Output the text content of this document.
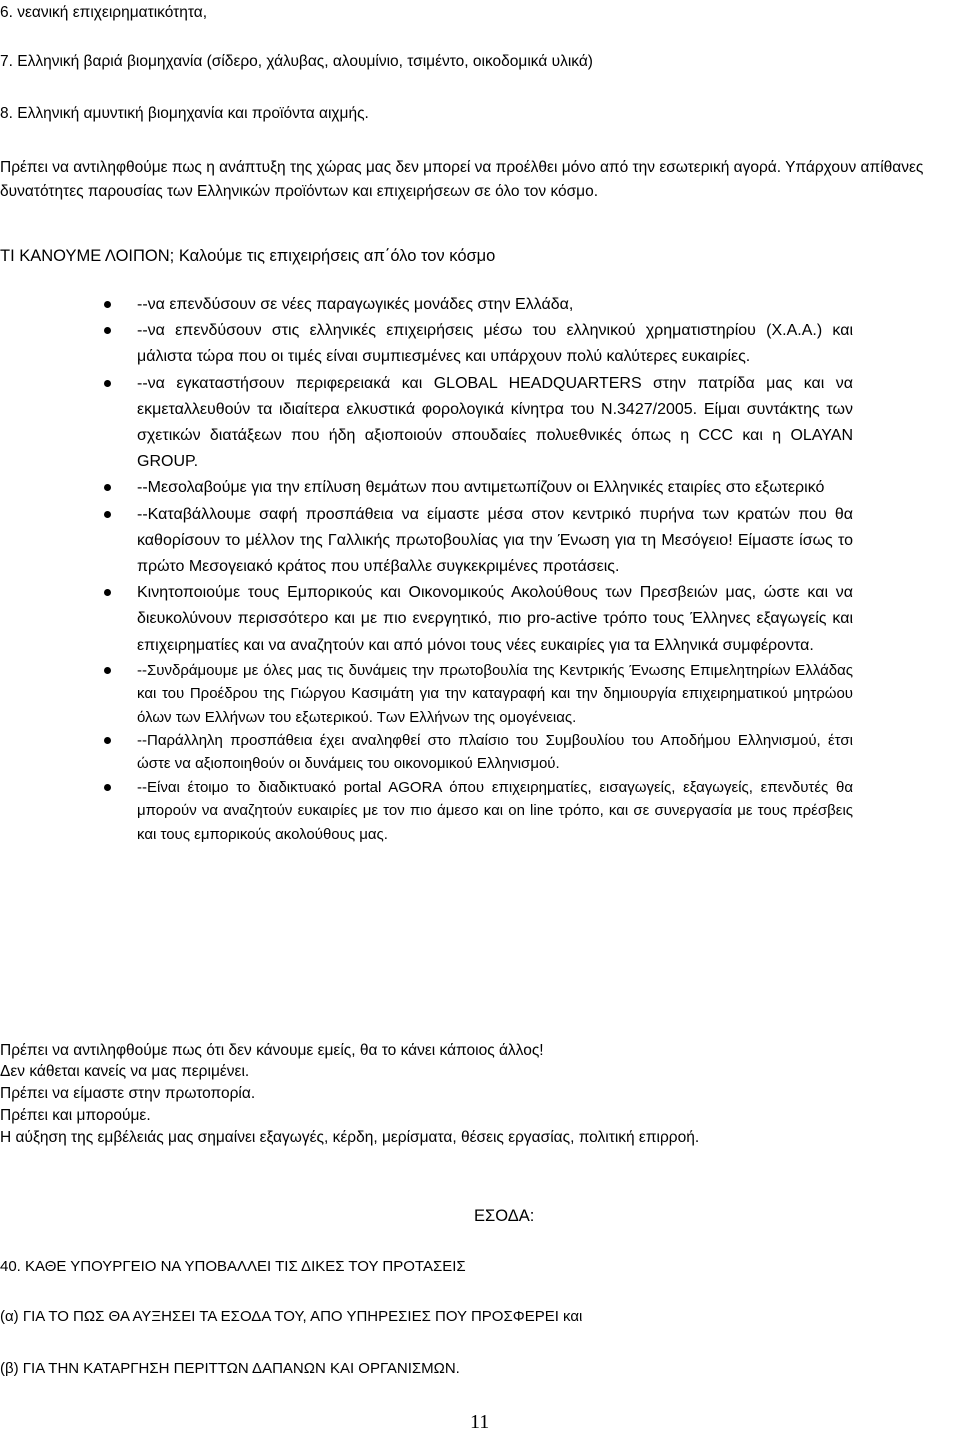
6. νεανική επιχειρηματικότητα,
7. Ελληνική βαριά βιομηχανία (σίδερο, χάλυβας, αλουμίνιο, τσιμέντο, οικοδομικά υλικά)
8. Ελληνική αμυντική βιομηχανία και προϊόντα αιχμής.
Πρέπει να αντιληφθούμε πως η ανάπτυξη της χώρας μας δεν μπορεί να προέλθει μόνο από την εσωτερική αγορά. Υπάρχουν απίθανες δυνατότητες παρουσίας των Ελληνικών προϊόντων και επιχειρήσεων σε όλο τον κόσμο.
ΤΙ ΚΑΝΟΥΜΕ ΛΟΙΠΟΝ; Καλούμε τις επιχειρήσεις απ΄όλο τον κόσμο
--να επενδύσουν σε νέες παραγωγικές μονάδες στην Ελλάδα,
--να επενδύσουν στις ελληνικές επιχειρήσεις μέσω του ελληνικού χρηματιστηρίου (Χ.Α.Α.) και μάλιστα τώρα που οι τιμές είναι συμπιεσμένες και υπάρχουν πολύ καλύτερες ευκαιρίες.
--να εγκαταστήσουν περιφερειακά και GLOBAL HEADQUARTERS στην πατρίδα μας και να εκμεταλλευθούν τα ιδιαίτερα ελκυστικά φορολογικά κίνητρα του Ν.3427/2005. Είμαι συντάκτης των σχετικών διατάξεων που ήδη αξιοποιούν σπουδαίες πολυεθνικές όπως η CCC και η OLAYAN GROUP.
--Μεσολαβούμε για την επίλυση θεμάτων που αντιμετωπίζουν οι Ελληνικές εταιρίες στο εξωτερικό
--Καταβάλλουμε σαφή προσπάθεια να είμαστε μέσα στον κεντρικό πυρήνα των κρατών που θα καθορίσουν το μέλλον της Γαλλικής πρωτοβουλίας για την Ένωση για τη Μεσόγειο! Είμαστε ίσως το πρώτο Μεσογειακό κράτος που υπέβαλλε συγκεκριμένες προτάσεις.
Κινητοποιούμε τους Εμπορικούς και Οικονομικούς Ακολούθους των Πρεσβειών μας, ώστε και να διευκολύνουν περισσότερο και με πιο ενεργητικό, πιο pro-active τρόπο τους Έλληνες εξαγωγείς και επιχειρηματίες και να αναζητούν και από μόνοι τους νέες ευκαιρίες για τα Ελληνικά συμφέροντα.
--Συνδράμουμε με όλες μας τις δυνάμεις την πρωτοβουλία της Κεντρικής Ένωσης Επιμελητηρίων Ελλάδας και του Προέδρου της Γιώργου Κασιμάτη για την καταγραφή και την δημιουργία επιχειρηματικού μητρώου όλων των Ελλήνων του εξωτερικού. Των Ελλήνων της ομογένειας.
--Παράλληλη προσπάθεια έχει αναληφθεί στο πλαίσιο του Συμβουλίου του Αποδήμου Ελληνισμού, έτσι ώστε να αξιοποιηθούν οι δυνάμεις του οικονομικού Ελληνισμού.
--Είναι έτοιμο το διαδικτυακό portal AGORA όπου επιχειρηματίες, εισαγωγείς, εξαγωγείς, επενδυτές θα μπορούν να αναζητούν ευκαιρίες με τον πιο άμεσο και on line τρόπο, και σε συνεργασία με τους πρέσβεις και τους εμπορικούς ακολούθους μας.
Πρέπει να αντιληφθούμε πως ότι δεν κάνουμε εμείς, θα το κάνει κάποιος άλλος!
Δεν κάθεται κανείς να μας περιμένει.
Πρέπει να είμαστε στην πρωτοπορία.
Πρέπει και μπορούμε.
Η αύξηση της εμβέλειάς μας σημαίνει εξαγωγές, κέρδη, μερίσματα, θέσεις εργασίας, πολιτική επιρροή.
ΕΣΟΔΑ:
40. ΚΑΘΕ ΥΠΟΥΡΓΕΙΟ ΝΑ ΥΠΟΒΑΛΛΕΙ ΤΙΣ ΔΙΚΕΣ ΤΟΥ ΠΡΟΤΑΣΕΙΣ
(α) ΓΙΑ ΤΟ ΠΩΣ ΘΑ ΑΥΞΗΣΕΙ ΤΑ ΕΣΟΔΑ ΤΟΥ, ΑΠΟ ΥΠΗΡΕΣΙΕΣ ΠΟΥ ΠΡΟΣΦΕΡΕΙ και
(β) ΓΙΑ ΤΗΝ ΚΑΤΑΡΓΗΣΗ ΠΕΡΙΤΤΩΝ ΔΑΠΑΝΩΝ ΚΑΙ ΟΡΓΑΝΙΣΜΩΝ.
11
